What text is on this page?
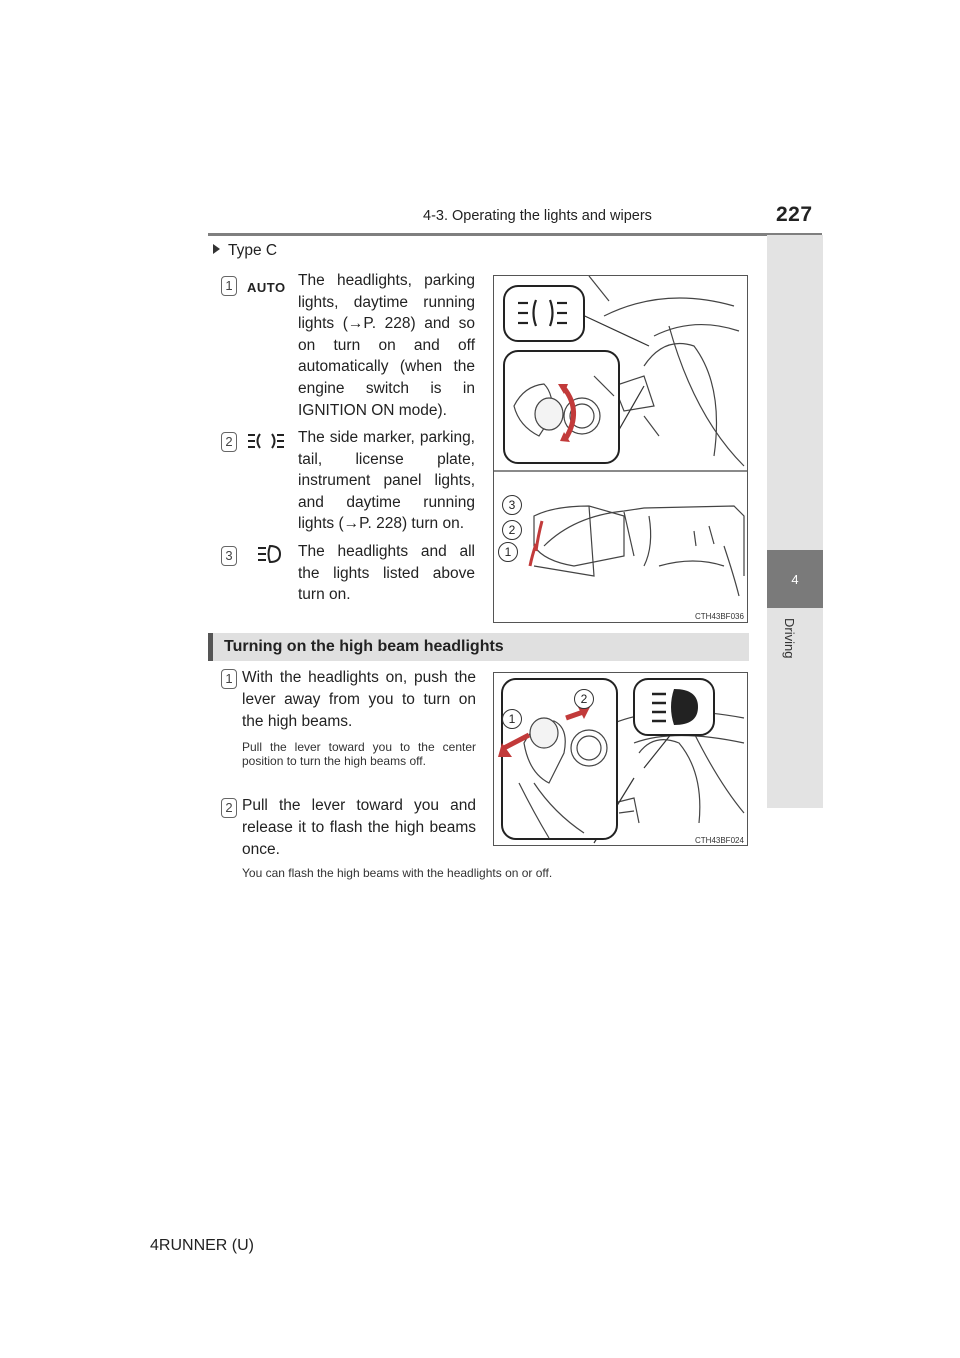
4-3. Operating the lights and wipers	227
4
Driving
Type C
1	AUTO The headlights, parking lights, daytime running lights (→P. 228) and so on turn on and off automatically (when the engine switch is in IGNITION ON mode).
2	The side marker, parking, tail, license plate, instrument panel lights, and daytime running lights (→P. 228) turn on.
3	The headlights and all the lights listed above turn on.
3
2
1
CTH43BF036
Turning on the high beam headlights
1 With the headlights on, push the lever away from you to turn on the high beams.
Pull the lever toward you to the center position to turn the high beams off.
2 Pull the lever toward you and release it to flash the high beams once.
You can flash the high beams with the headlights on or off.
1
2
CTH43BF024
4RUNNER (U)
